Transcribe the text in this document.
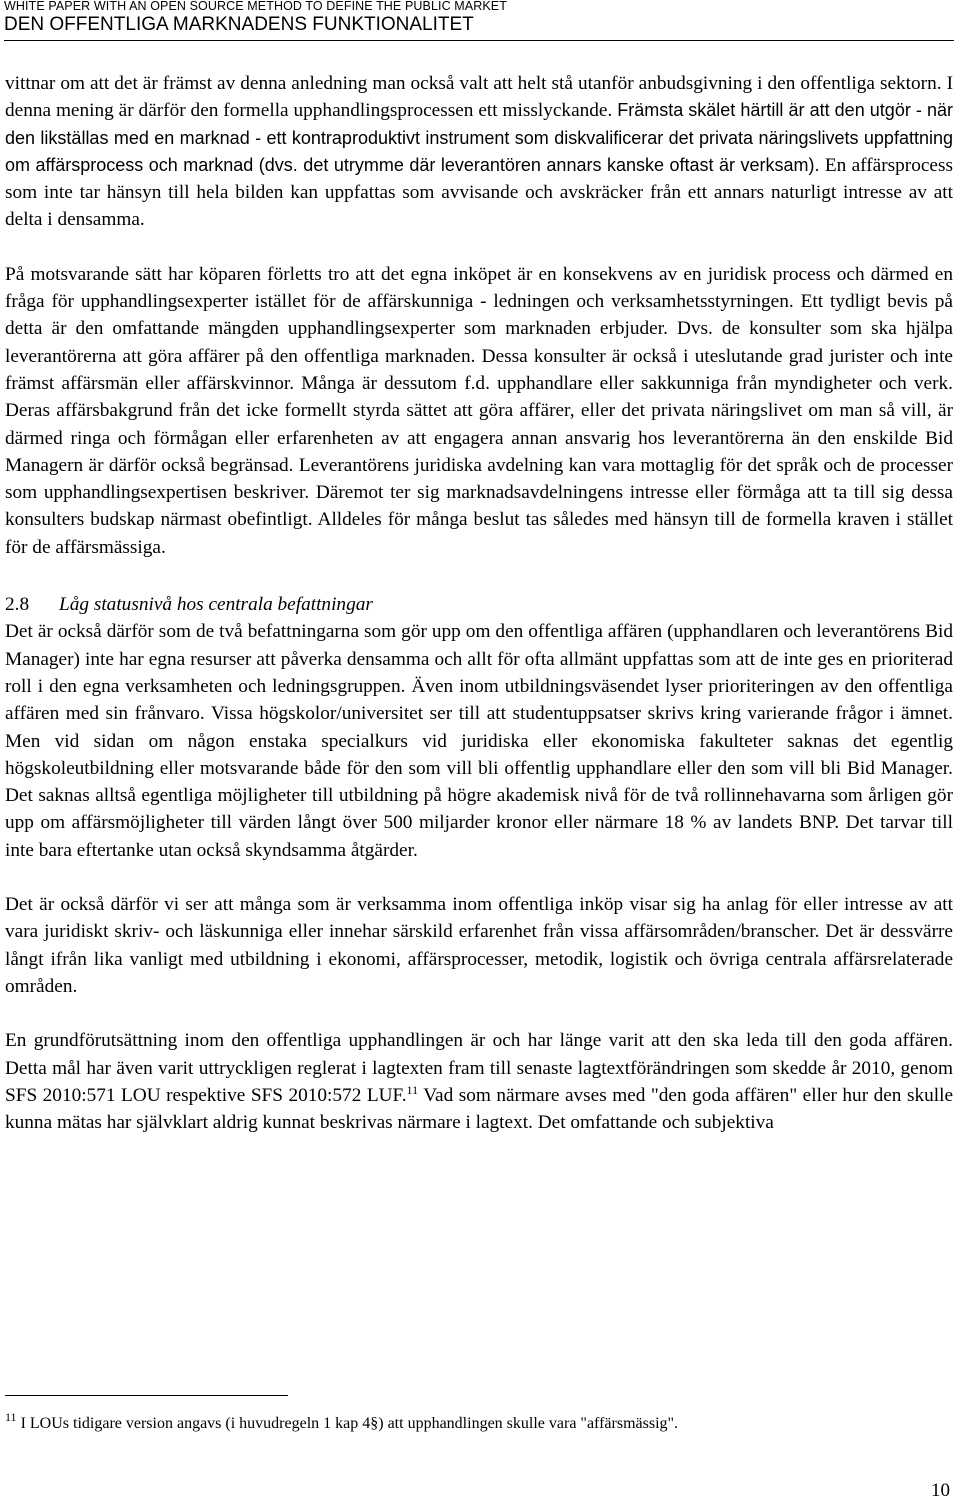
WHITE PAPER WITH AN OPEN SOURCE METHOD TO DEFINE THE PUBLIC MARKET
DEN OFFENTLIGA MARKNADENS FUNKTIONALITET

vittnar om att det är främst av denna anledning man också valt att helt stå utanför anbudsgivning i den offentliga sektorn. I denna mening är därför den formella upphandlingsprocessen ett misslyckande. Främsta skälet härtill är att den utgör - när den likställas med en marknad - ett kontraproduktivt instrument som diskvalificerar det privata näringslivets uppfattning om affärsprocess och marknad (dvs. det utrymme där leverantören annars kanske oftast är verksam). En affärsprocess som inte tar hänsyn till hela bilden kan uppfattas som avvisande och avskräcker från ett annars naturligt intresse av att delta i densamma.

På motsvarande sätt har köparen förletts tro att det egna inköpet är en konsekvens av en juridisk process och därmed en fråga för upphandlingsexperter istället för de affärskunniga - ledningen och verksamhetsstyrningen. Ett tydligt bevis på detta är den omfattande mängden upphandlingsexperter som marknaden erbjuder. Dvs. de konsulter som ska hjälpa leverantörerna att göra affärer på den offentliga marknaden. Dessa konsulter är också i uteslutande grad jurister och inte främst affärsmän eller affärskvinnor. Många är dessutom f.d. upphandlare eller sakkunniga från myndigheter och verk. Deras affärsbakgrund från det icke formellt styrda sättet att göra affärer, eller det privata näringslivet om man så vill, är därmed ringa och förmågan eller erfarenheten av att engagera annan ansvarig hos leverantörerna än den enskilde Bid Managern är därför också begränsad. Leverantörens juridiska avdelning kan vara mottaglig för det språk och de processer som upphandlingsexpertisen beskriver. Däremot ter sig marknadsavdelningens intresse eller förmåga att ta till sig dessa konsulters budskap närmast obefintligt. Alldeles för många beslut tas således med hänsyn till de formella kraven i stället för de affärsmässiga.

2.8 Låg statusnivå hos centrala befattningar

Det är också därför som de två befattningarna som gör upp om den offentliga affären (upphandlaren och leverantörens Bid Manager) inte har egna resurser att påverka densamma och allt för ofta allmänt uppfattas som att de inte ges en prioriterad roll i den egna verksamheten och ledningsgruppen. Även inom utbildningsväsendet lyser prioriteringen av den offentliga affären med sin frånvaro. Vissa högskolor/universitet ser till att studentuppsatser skrivs kring varierande frågor i ämnet. Men vid sidan om någon enstaka specialkurs vid juridiska eller ekonomiska fakulteter saknas det egentlig högskoleutbildning eller motsvarande både för den som vill bli offentlig upphandlare eller den som vill bli Bid Manager. Det saknas alltså egentliga möjligheter till utbildning på högre akademisk nivå för de två rollinnehavarna som årligen gör upp om affärsmöjligheter till värden långt över 500 miljarder kronor eller närmare 18 % av landets BNP. Det tarvar till inte bara eftertanke utan också skyndsamma åtgärder.

Det är också därför vi ser att många som är verksamma inom offentliga inköp visar sig ha anlag för eller intresse av att vara juridiskt skriv- och läskunniga eller innehar särskild erfarenhet från vissa affärsområden/branscher. Det är dessvärre långt ifrån lika vanligt med utbildning i ekonomi, affärsprocesser, metodik, logistik och övriga centrala affärsrelaterade områden.

En grundförutsättning inom den offentliga upphandlingen är och har länge varit att den ska leda till den goda affären. Detta mål har även varit uttryckligen reglerat i lagtexten fram till senaste lagtextförändringen som skedde år 2010, genom SFS 2010:571 LOU respektive SFS 2010:572 LUF.$^{11}$ Vad som närmare avses med "den goda affären" eller hur den skulle kunna mätas har självklart aldrig kunnat beskrivas närmare i lagtext. Det omfattande och subjektiva

$^{11}$ I LOUs tidigare version angavs (i huvudregeln 1 kap 4§) att upphandlingen skulle vara "affärsmässig".
10
